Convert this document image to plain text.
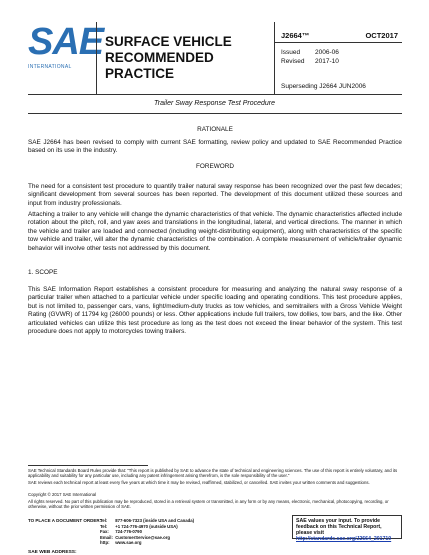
SAE
INTERNATIONAL
SURFACE VEHICLE
RECOMMENDED PRACTICE
J2664™	OCT2017
Issued 2006-06
Revised 2017-10
Superseding J2664 JUN2006
Trailer Sway Response Test Procedure
RATIONALE
SAE J2664 has been revised to comply with current SAE formatting, review policy and updated to SAE Recommended Practice based on its use in the industry.
FOREWORD
The need for a consistent test procedure to quantify trailer natural sway response has been recognized over the past few decades; significant development from several sources has been reported. The development of this document utilized these sources and input from industry professionals.
Attaching a trailer to any vehicle will change the dynamic characteristics of that vehicle. The dynamic characteristics affected include rotation about the pitch, roll, and yaw axes and translations in the longitudinal, lateral, and vertical directions. The manner in which the vehicle and trailer are loaded and connected (including weight-distributing equipment), along with characteristics of the specific tow vehicle and trailer, will alter the dynamic characteristics of the combination. A complete measurement of vehicle/trailer dynamic behavior will involve other tests not addressed by this document.
1. SCOPE
This SAE Information Report establishes a consistent procedure for measuring and analyzing the natural sway response of a particular trailer when attached to a particular vehicle under specific loading and operating conditions. This test procedure applies, but is not limited to, passenger cars, vans, light/medium-duty trucks as tow vehicles, and semitrailers with a Gross Vehicle Weight Rating (GVWR) of 11794 kg (26000 pounds) or less. Other applications include full trailers, tow dollies, tow bars, and the like. Other articulated vehicles can utilize this test procedure as long as the test does not exceed the linear behavior of the system. This test procedure does not apply to motorcycles towing trailers.
SAE Technical Standards Board Rules provide that: "This report is published by SAE to advance the state of technical and engineering sciences. The use of this report is entirely voluntary, and its applicability and suitability for any particular use, including any patent infringement arising therefrom, is the sole responsibility of the user."
SAE reviews each technical report at least every five years at which time it may be revised, reaffirmed, stabilized, or cancelled. SAE invites your written comments and suggestions.
Copyright © 2017 SAE International
All rights reserved. No part of this publication may be reproduced, stored in a retrieval system or transmitted, in any form or by any means, electronic, mechanical, photocopying, recording, or otherwise, without the prior written permission of SAE.
TO PLACE A DOCUMENT ORDER:
Tel: 877-606-7323 (inside USA and Canada)
Tel: +1 724-776-4970 (outside USA)
Fax: 724-776-0790
Email: CustomerService@sae.org
http: www.sae.org
SAE WEB ADDRESS:
SAE values your input. To provide feedback on this Technical Report, please visit
http://standards.sae.org/J2664_201710
